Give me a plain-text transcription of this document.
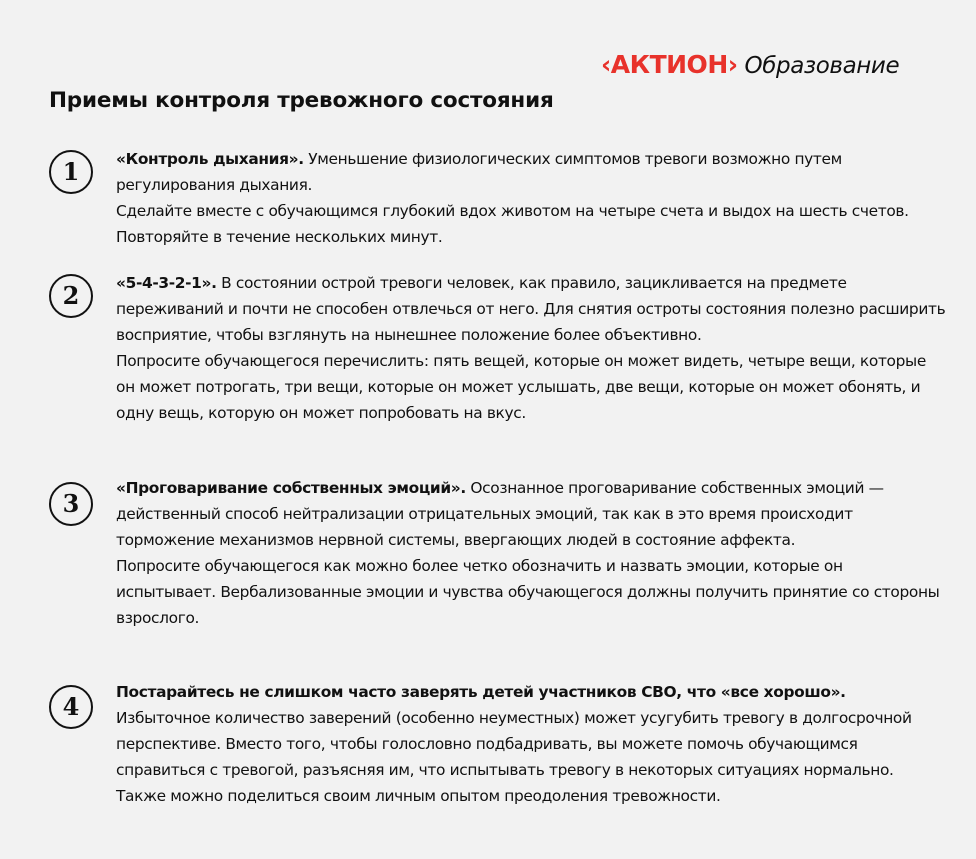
‹АКТИОН› Образование
Приемы контроля тревожного состояния
1	«Контроль дыхания». Уменьшение физиологических симптомов тревоги возможно путем регулирования дыхания.

Сделайте вместе с обучающимся глубокий вдох животом на четыре счета и выдох на шесть счетов. Повторяйте в течение нескольких минут.

2	«5-4-3-2-1». В состоянии острой тревоги человек, как правило, зацикливается на предмете переживаний и почти не способен отвлечься от него. Для снятия остроты состояния полезно расширить восприятие, чтобы взглянуть на нынешнее положение более объективно.

Попросите обучающегося перечислить: пять вещей, которые он может видеть, четыре вещи, которые он может потрогать, три вещи, которые он может услышать, две вещи, которые он может обонять, и одну вещь, которую он может попробовать на вкус.

3

«Проговаривание собственных эмоций». Осознанное проговаривание собственных эмоций — действенный способ нейтрализации отрицательных эмоций, так как в это время происходит торможение механизмов нервной системы, ввергающих людей в состояние аффекта.

Попросите обучающегося как можно более четко обозначить и назвать эмоции, которые он испытывает. Вербализованные эмоции и чувства обучающегося должны получить принятие со стороны взрослого.

4	Постарайтесь не слишком часто заверять детей участников СВО, что «все хорошо».

Избыточное количество заверений (особенно неуместных) может усугубить тревогу в долгосрочной перспективе. Вместо того, чтобы голословно подбадривать, вы можете помочь обучающимся справиться с тревогой, разъясняя им, что испытывать тревогу в некоторых ситуациях нормально. Также можно поделиться своим личным опытом преодоления тревожности.
